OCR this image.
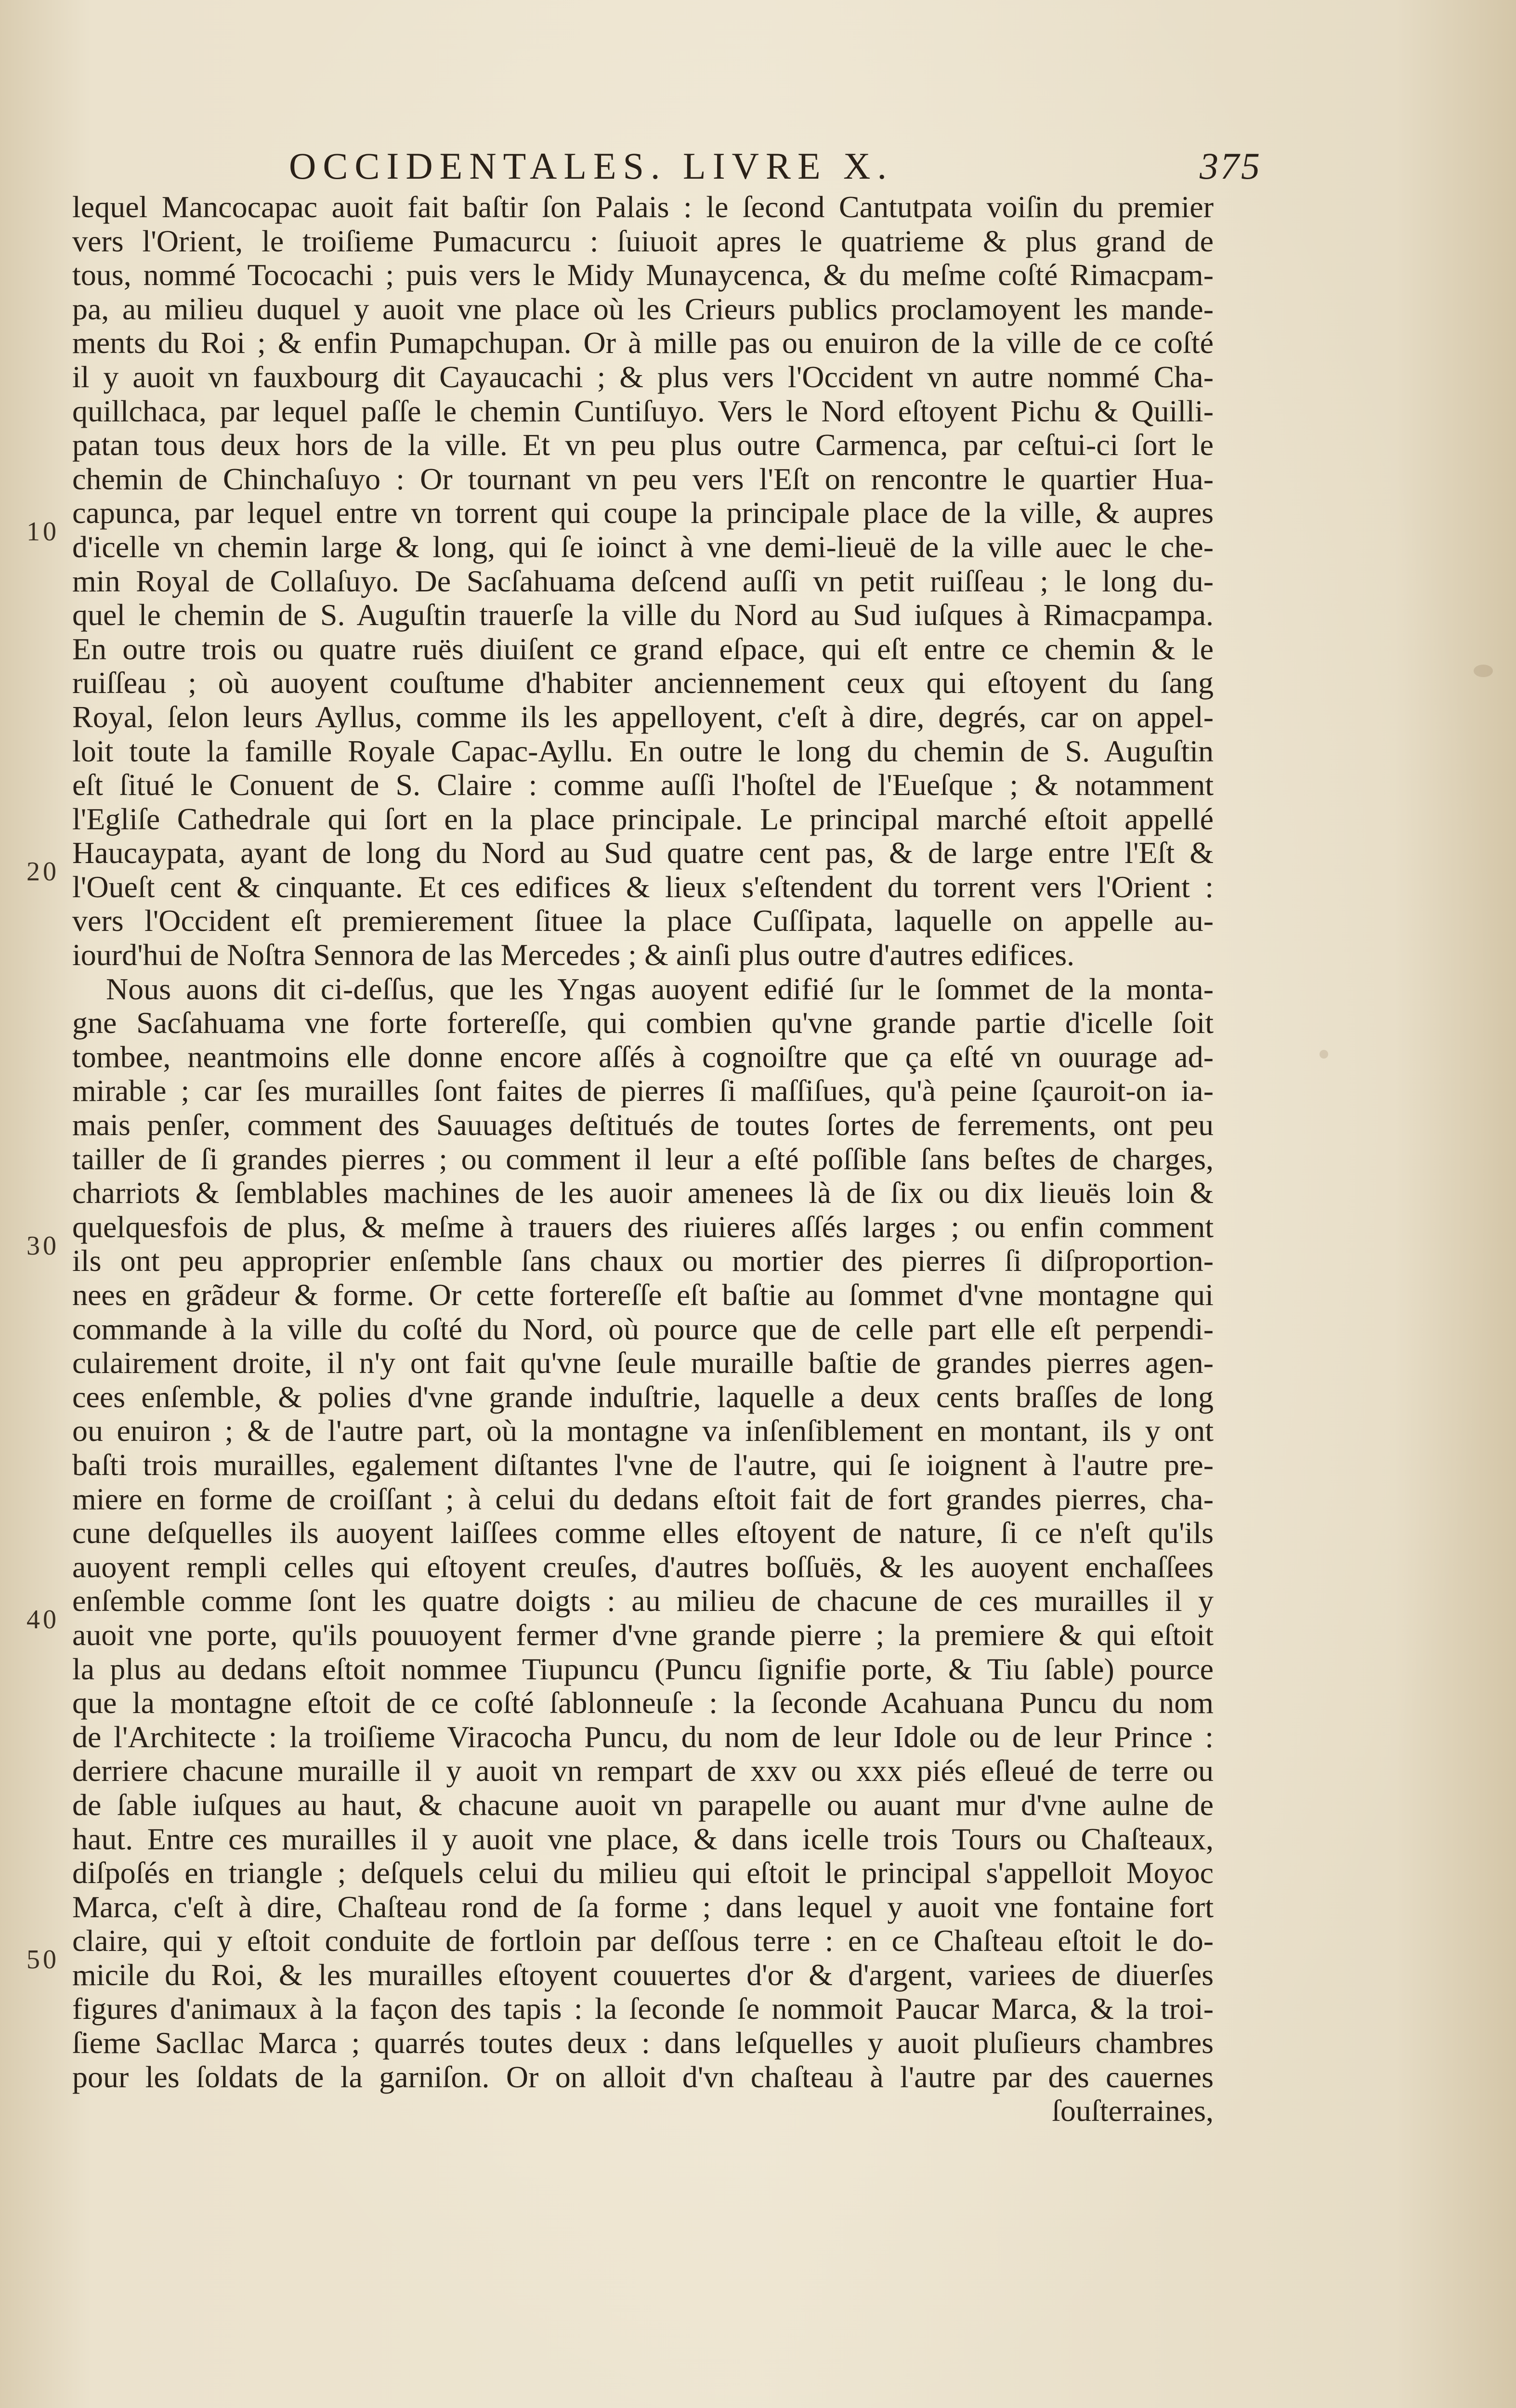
OCCIDENTALES. LIVRE X.	375
10
20
30
40
50
lequel Mancocapac auoit fait baſtir ſon Palais : le ſecond Cantutpata voiſin du premier
vers l'Orient, le troiſieme Pumacurcu : ſuiuoit apres le quatrieme & plus grand de
tous, nommé Tococachi ; puis vers le Midy Munaycenca, & du meſme coſté Rimacpam-
pa, au milieu duquel y auoit vne place où les Crieurs publics proclamoyent les mande-
ments du Roi ; & enfin Pumapchupan. Or à mille pas ou enuiron de la ville de ce coſté
il y auoit vn fauxbourg dit Cayaucachi ; & plus vers l'Occident vn autre nommé Cha-
quillchaca, par lequel paſſe le chemin Cuntiſuyo. Vers le Nord eſtoyent Pichu & Quilli-
patan tous deux hors de la ville. Et vn peu plus outre Carmenca, par ceſtui-ci ſort le
chemin de Chinchaſuyo : Or tournant vn peu vers l'Eſt on rencontre le quartier Hua-
capunca, par lequel entre vn torrent qui coupe la principale place de la ville, & aupres
d'icelle vn chemin large & long, qui ſe ioinct à vne demi-lieuë de la ville auec le che-
min Royal de Collaſuyo. De Sacſahuama deſcend auſſi vn petit ruiſſeau ; le long du-
quel le chemin de S. Auguſtin trauerſe la ville du Nord au Sud iuſques à Rimacpampa.
En outre trois ou quatre ruës diuiſent ce grand eſpace, qui eſt entre ce chemin & le
ruiſſeau ; où auoyent couſtume d'habiter anciennement ceux qui eſtoyent du ſang
Royal, ſelon leurs Ayllus, comme ils les appelloyent, c'eſt à dire, degrés, car on appel-
loit toute la famille Royale Capac-Ayllu. En outre le long du chemin de S. Auguſtin
eſt ſitué le Conuent de S. Claire : comme auſſi l'hoſtel de l'Eueſque ; & notamment
l'Egliſe Cathedrale qui ſort en la place principale. Le principal marché eſtoit appellé
Haucaypata, ayant de long du Nord au Sud quatre cent pas, & de large entre l'Eſt &
l'Oueſt cent & cinquante. Et ces edifices & lieux s'eſtendent du torrent vers l'Orient :
vers l'Occident eſt premierement ſituee la place Cuſſipata, laquelle on appelle au-
iourd'hui de Noſtra Sennora de las Mercedes ; & ainſi plus outre d'autres edifices.
Nous auons dit ci-deſſus, que les Yngas auoyent edifié ſur le ſommet de la monta-
gne Sacſahuama vne forte fortereſſe, qui combien qu'vne grande partie d'icelle ſoit
tombee, neantmoins elle donne encore aſſés à cognoiſtre que ça eſté vn ouurage ad-
mirable ; car ſes murailles ſont faites de pierres ſi maſſiſues, qu'à peine ſçauroit-on ia-
mais penſer, comment des Sauuages deſtitués de toutes ſortes de ferrements, ont peu
tailler de ſi grandes pierres ; ou comment il leur a eſté poſſible ſans beſtes de charges,
charriots & ſemblables machines de les auoir amenees là de ſix ou dix lieuës loin &
quelquesfois de plus, & meſme à trauers des riuieres aſſés larges ; ou enfin comment
ils ont peu approprier enſemble ſans chaux ou mortier des pierres ſi diſproportion-
nees en grãdeur & forme. Or cette fortereſſe eſt baſtie au ſommet d'vne montagne qui
commande à la ville du coſté du Nord, où pource que de celle part elle eſt perpendi-
culairement droite, il n'y ont fait qu'vne ſeule muraille baſtie de grandes pierres agen-
cees enſemble, & polies d'vne grande induſtrie, laquelle a deux cents braſſes de long
ou enuiron ; & de l'autre part, où la montagne va inſenſiblement en montant, ils y ont
baſti trois murailles, egalement diſtantes l'vne de l'autre, qui ſe ioignent à l'autre pre-
miere en forme de croiſſant ; à celui du dedans eſtoit fait de fort grandes pierres, cha-
cune deſquelles ils auoyent laiſſees comme elles eſtoyent de nature, ſi ce n'eſt qu'ils
auoyent rempli celles qui eſtoyent creuſes, d'autres boſſuës, & les auoyent enchaſſees
enſemble comme ſont les quatre doigts : au milieu de chacune de ces murailles il y
auoit vne porte, qu'ils pouuoyent fermer d'vne grande pierre ; la premiere & qui eſtoit
la plus au dedans eſtoit nommee Tiupuncu (Puncu ſignifie porte, & Tiu ſable) pource
que la montagne eſtoit de ce coſté ſablonneuſe : la ſeconde Acahuana Puncu du nom
de l'Architecte : la troiſieme Viracocha Puncu, du nom de leur Idole ou de leur Prince :
derriere chacune muraille il y auoit vn rempart de xxv ou xxx piés eſleué de terre ou
de ſable iuſques au haut, & chacune auoit vn parapelle ou auant mur d'vne aulne de
haut. Entre ces murailles il y auoit vne place, & dans icelle trois Tours ou Chaſteaux,
diſpoſés en triangle ; deſquels celui du milieu qui eſtoit le principal s'appelloit Moyoc
Marca, c'eſt à dire, Chaſteau rond de ſa forme ; dans lequel y auoit vne fontaine fort
claire, qui y eſtoit conduite de fortloin par deſſous terre : en ce Chaſteau eſtoit le do-
micile du Roi, & les murailles eſtoyent couuertes d'or & d'argent, variees de diuerſes
figures d'animaux à la façon des tapis : la ſeconde ſe nommoit Paucar Marca, & la troi-
ſieme Sacllac Marca ; quarrés toutes deux : dans leſquelles y auoit pluſieurs chambres
pour les ſoldats de la garniſon. Or on alloit d'vn chaſteau à l'autre par des cauernes
ſouſterraines,
